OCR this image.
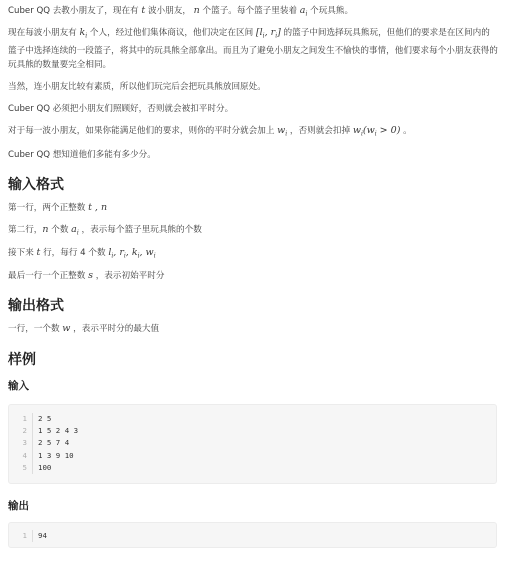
Cuber QQ 去教小朋友了，现在有 t 波小朋友， n 个篮子。每个篮子里装着 $a_i$ 个玩具熊。

现在每波小朋友有 $k_i$ 个人，经过他们集体商议，他们决定在区间 [$l_i$, $r_i$] 的篮子中间选择玩具熊玩，但他们的要求是在区间内的篮子中选择连续的一段篮子，将其中的玩具熊全部拿出。而且为了避免小朋友之间发生不愉快的事情，他们要求每个小朋友获得的玩具熊的数量要完全相同。

当然，连小朋友比较有素质，所以他们玩完后会把玩具熊放回原处。

Cuber QQ 必须把小朋友们照顾好，否则就会被扣平时分。

对于每一波小朋友，如果你能满足他们的要求，则你的平时分就会加上 $w_i$ ，否则就会扣掉 $w_i(w_i > 0)$ 。

Cuber QQ 想知道他们多能有多少分。

输入格式

第一行，两个正整数 t , n

第二行，n 个数 $a_i$ ，表示每个篮子里玩具熊的个数

接下来 t 行，每行 4 个数 $l_i$, $r_i$, $k_i$, $w_i$

最后一行一个正整数 s ，表示初始平时分

输出格式

一行，一个数 w ，表示平时分的最大值

样例
输入
1	2 5
2	1 5 2 4 3
3	2 5 7 4
4	1 3 9 10
5	100
输出
1	94
